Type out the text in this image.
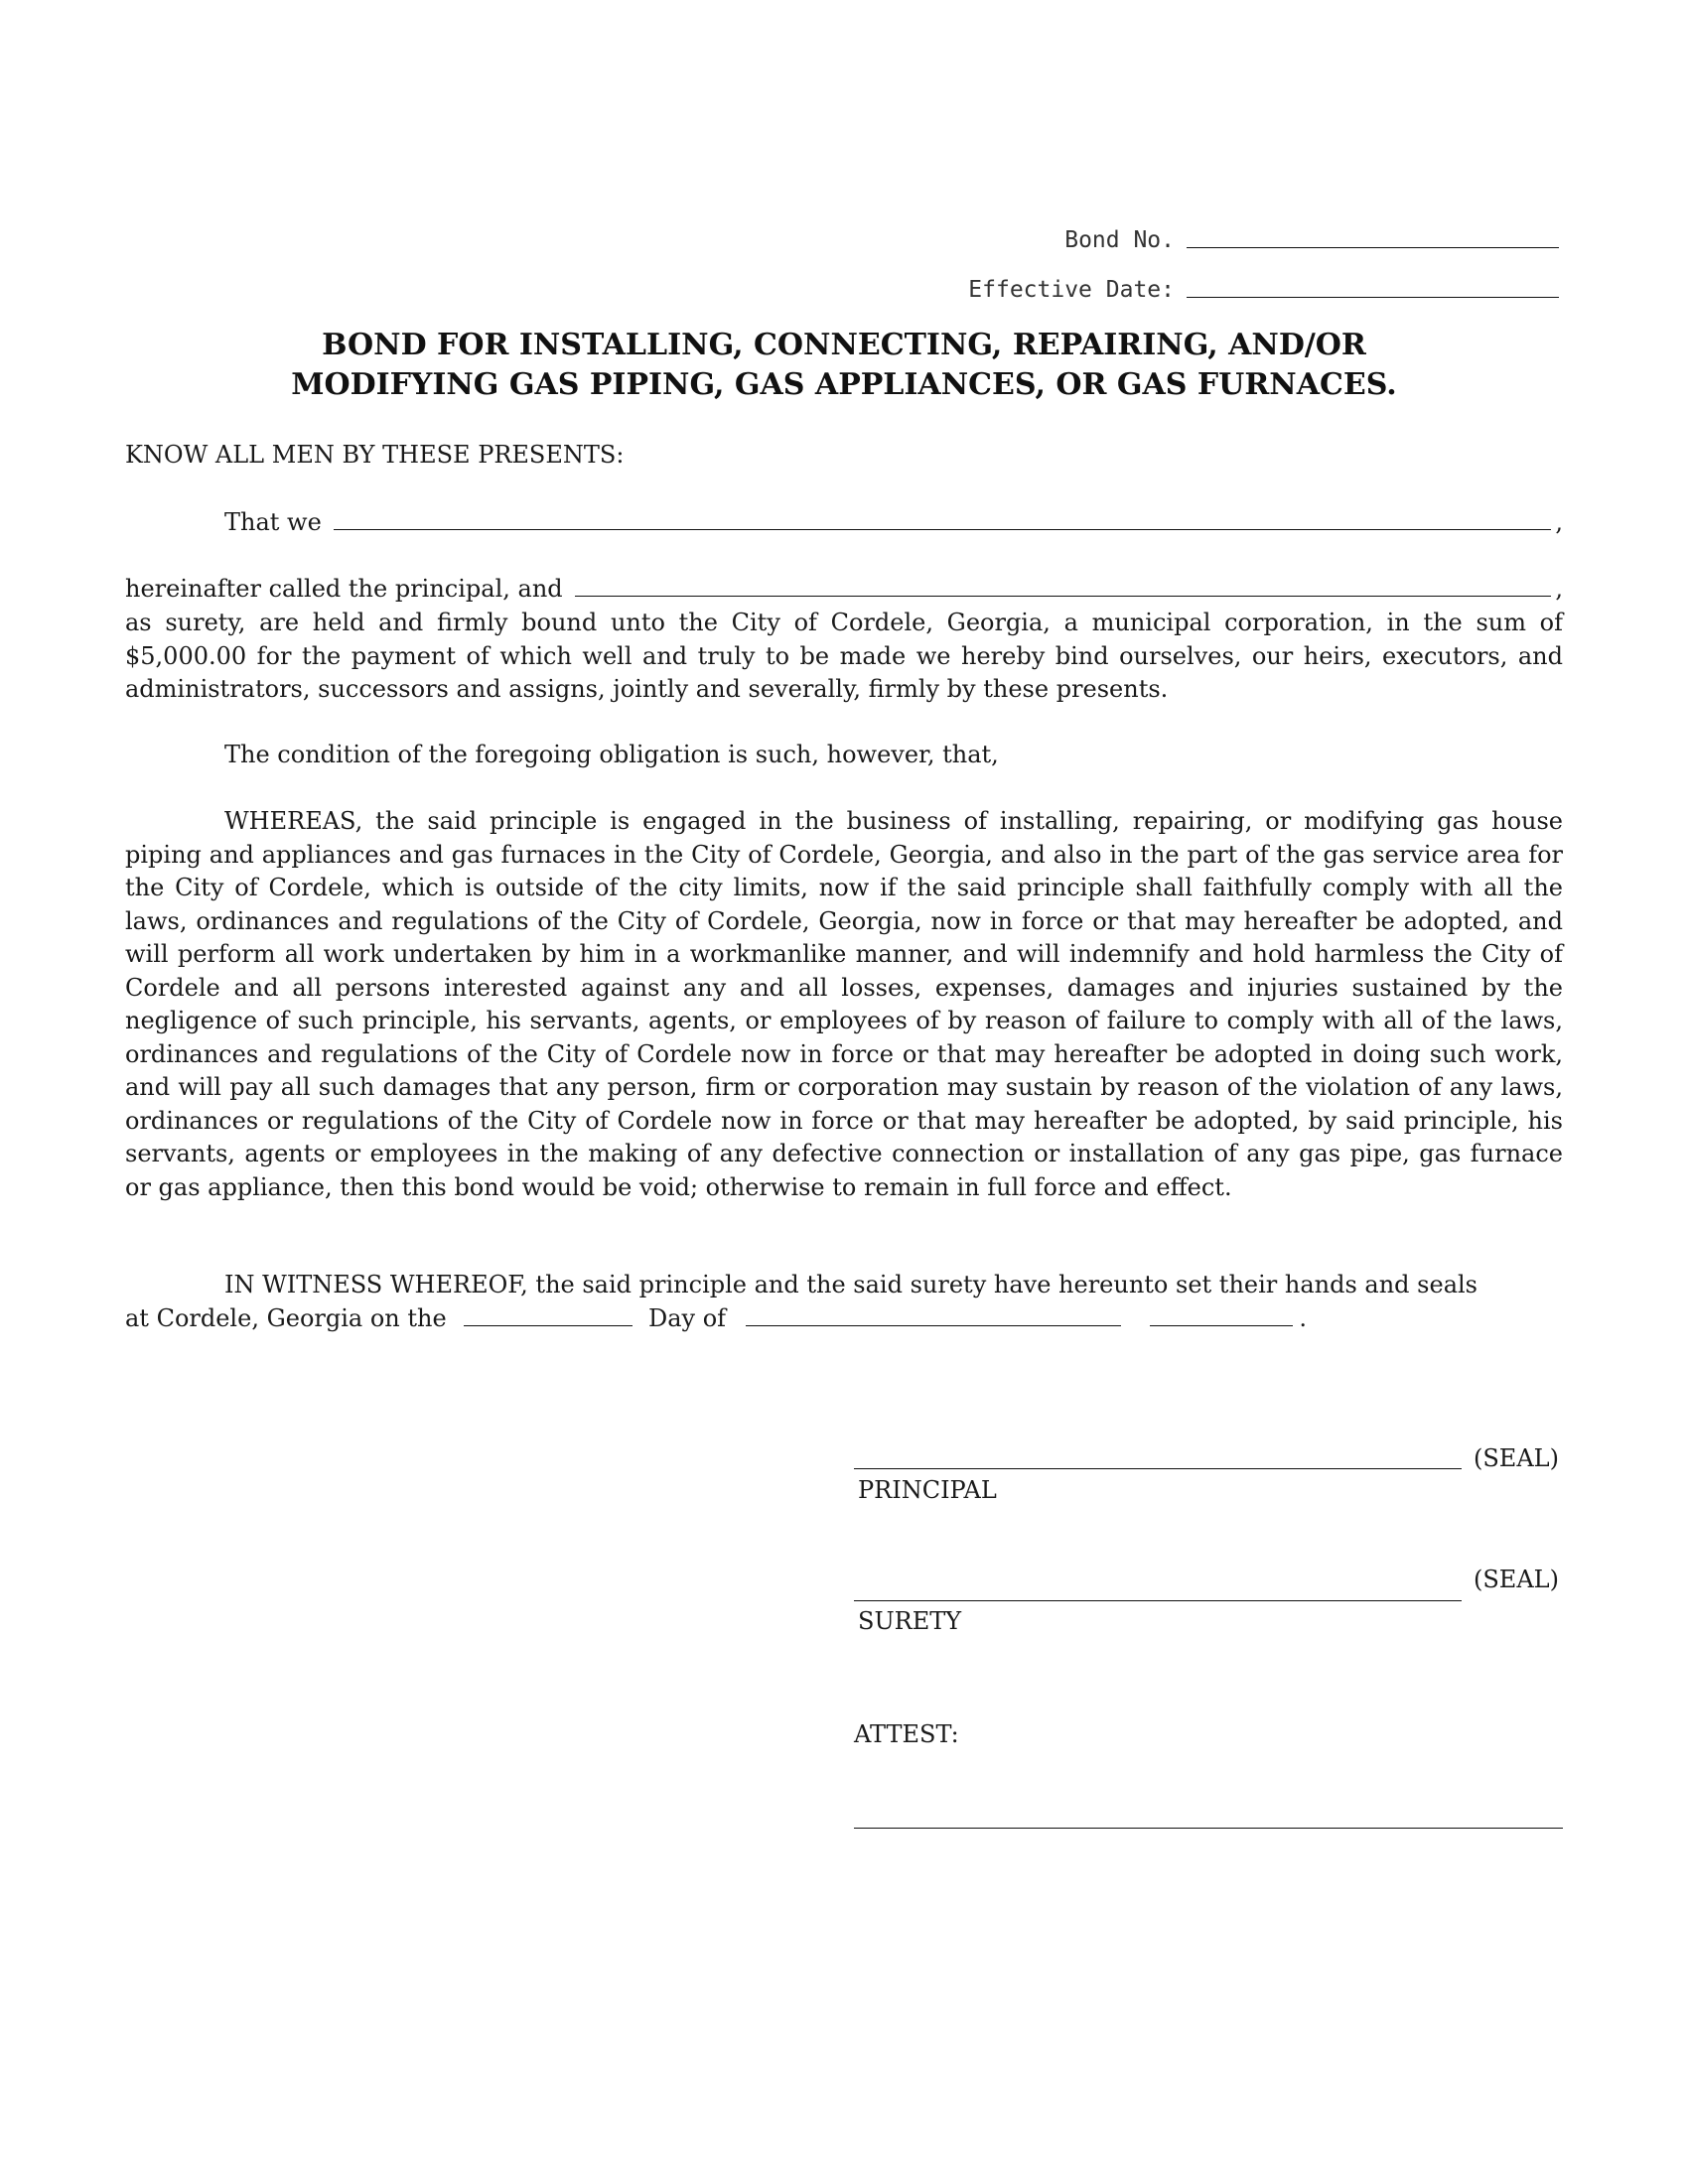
Bond No.
Effective Date:
BOND FOR INSTALLING, CONNECTING, REPAIRING, AND/OR
MODIFYING GAS PIPING, GAS APPLIANCES, OR GAS FURNACES.
KNOW ALL MEN BY THESE PRESENTS:
That we	,
hereinafter called the principal, and	,
as surety, are held and firmly bound unto the City of Cordele, Georgia, a municipal corporation, in the sum of $5,000.00 for the payment of which well and truly to be made we hereby bind ourselves, our heirs, executors, and administrators, successors and assigns, jointly and severally, firmly by these presents.
The condition of the foregoing obligation is such, however, that,
WHEREAS, the said principle is engaged in the business of installing, repairing, or modifying gas house piping and appliances and gas furnaces in the City of Cordele, Georgia, and also in the part of the gas service area for the City of Cordele, which is outside of the city limits, now if the said principle shall faithfully comply with all the laws, ordinances and regulations of the City of Cordele, Georgia, now in force or that may hereafter be adopted, and will perform all work undertaken by him in a workmanlike manner, and will indemnify and hold harmless the City of Cordele and all persons interested against any and all losses, expenses, damages and injuries sustained by the negligence of such principle, his servants, agents, or employees of by reason of failure to comply with all of the laws, ordinances and regulations of the City of Cordele now in force or that may hereafter be adopted in doing such work, and will pay all such damages that any person, firm or corporation may sustain by reason of the violation of any laws, ordinances or regulations of the City of Cordele now in force or that may hereafter be adopted, by said principle, his servants, agents or employees in the making of any defective connection or installation of any gas pipe, gas furnace or gas appliance, then this bond would be void; otherwise to remain in full force and effect.
IN WITNESS WHEREOF, the said principle and the said surety have hereunto set their hands and seals
at Cordele, Georgia on the	Day of	.
(SEAL)
PRINCIPAL
(SEAL)
SURETY
ATTEST:
